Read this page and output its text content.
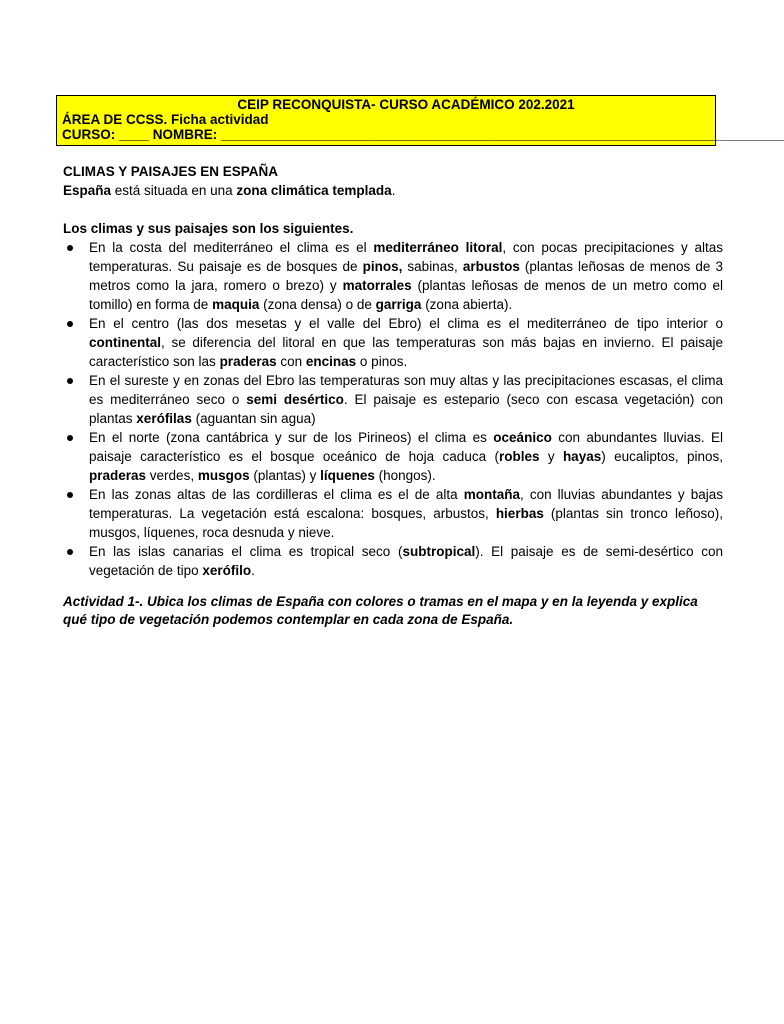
CEIP RECONQUISTA- CURSO ACADÉMICO 202.2021
ÁREA DE CCSS. Ficha actividad
CURSO: ____ NOMBRE: ___________________________________________________________________________
CLIMAS Y PAISAJES EN ESPAÑA
España está situada en una zona climática templada.
Los climas y sus paisajes son los siguientes.
En la costa del mediterráneo el clima es el mediterráneo litoral, con pocas precipitaciones y altas temperaturas. Su paisaje es de bosques de pinos, sabinas, arbustos (plantas leñosas de menos de 3 metros como la jara, romero o brezo) y matorrales (plantas leñosas de menos de un metro como el tomillo) en forma de maquia (zona densa) o de garriga (zona abierta).
En el centro (las dos mesetas y el valle del Ebro) el clima es el mediterráneo de tipo interior o continental, se diferencia del litoral en que las temperaturas son más bajas en invierno. El paisaje característico son las praderas con encinas o pinos.
En el sureste y en zonas del Ebro las temperaturas son muy altas y las precipitaciones escasas, el clima es mediterráneo seco o semi desértico. El paisaje es estepario (seco con escasa vegetación) con plantas xerófilas (aguantan sin agua)
En el norte (zona cantábrica y sur de los Pirineos) el clima es oceánico con abundantes lluvias. El paisaje característico es el bosque oceánico de hoja caduca (robles y hayas) eucaliptos, pinos, praderas verdes, musgos (plantas) y líquenes (hongos).
En las zonas altas de las cordilleras el clima es el de alta montaña, con lluvias abundantes y bajas temperaturas. La vegetación está escalona: bosques, arbustos, hierbas (plantas sin tronco leñoso), musgos, líquenes, roca desnuda y nieve.
En las islas canarias el clima es tropical seco (subtropical). El paisaje es de semi-desértico con vegetación de tipo xerófilo.
Actividad 1-. Ubica los climas de España con colores o tramas en el mapa y en la leyenda y explica qué tipo de vegetación podemos contemplar en cada zona de España.
